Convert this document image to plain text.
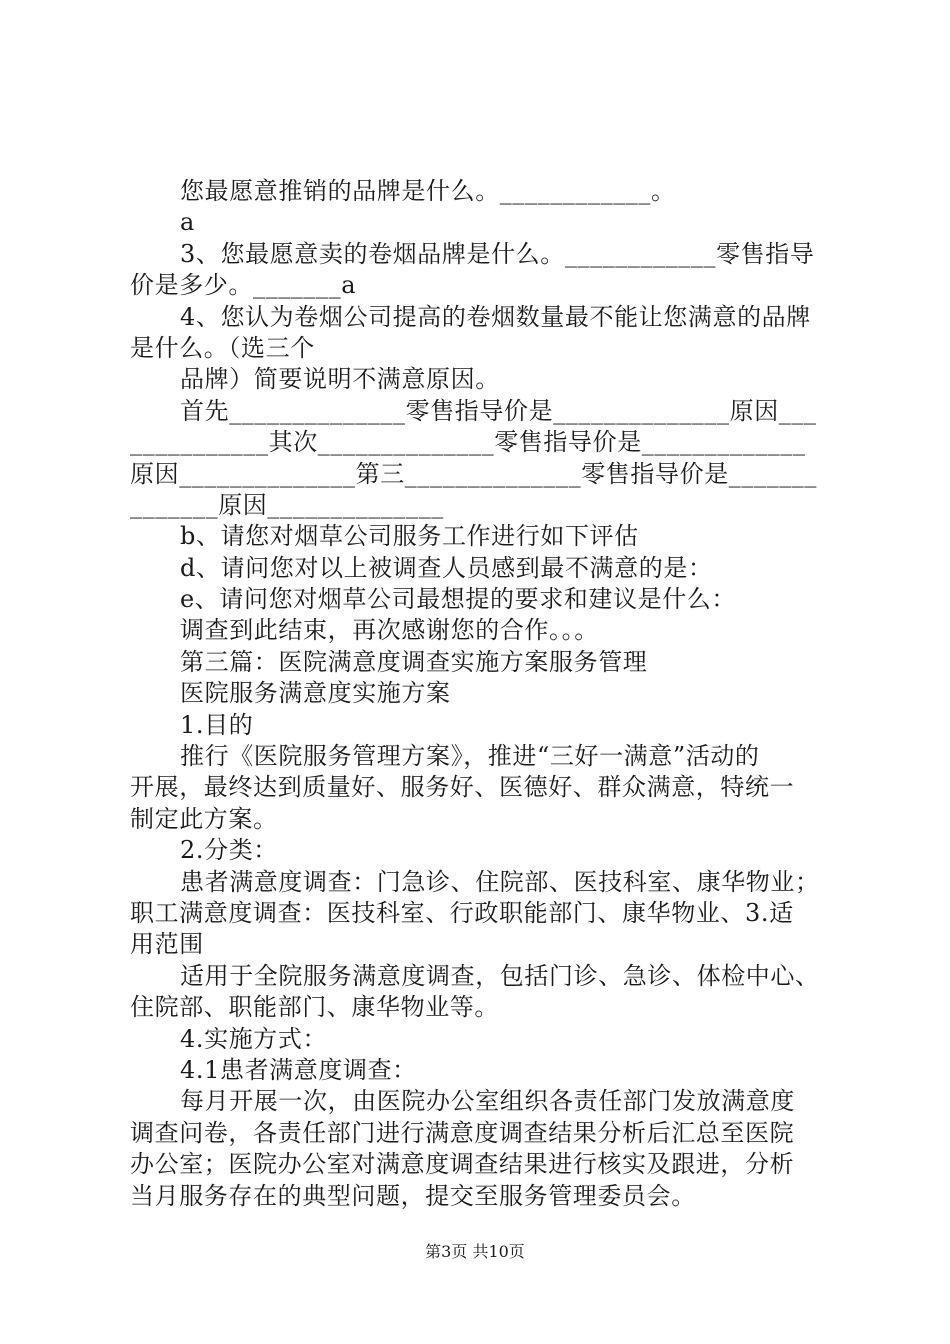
您最愿意推销的品牌是什么。____________。
a
3、您最愿意卖的卷烟品牌是什么。____________零售指导
价是多少。_______a
4、您认为卷烟公司提高的卷烟数量最不能让您满意的品牌
是什么。（选三个
品牌）简要说明不满意原因。
首先______________零售指导价是______________原因___
___________其次______________零售指导价是_____________
原因______________第三______________零售指导价是_______
_______原因______________
b、请您对烟草公司服务工作进行如下评估
d、请问您对以上被调查人员感到最不满意的是：
e、请问您对烟草公司最想提的要求和建议是什么：
调查到此结束，再次感谢您的合作。。。
第三篇：医院满意度调查实施方案服务管理
医院服务满意度实施方案
1.目的
推行《医院服务管理方案》，推进“三好一满意”活动的
开展，最终达到质量好、服务好、医德好、群众满意，特统一
制定此方案。
2.分类：
患者满意度调查：门急诊、住院部、医技科室、康华物业；
职工满意度调查：医技科室、行政职能部门、康华物业、3.适
用范围
适用于全院服务满意度调查，包括门诊、急诊、体检中心、
住院部、职能部门、康华物业等。
4.实施方式：
4.1患者满意度调查：
每月开展一次，由医院办公室组织各责任部门发放满意度
调查问卷，各责任部门进行满意度调查结果分析后汇总至医院
办公室；医院办公室对满意度调查结果进行核实及跟进，分析
当月服务存在的典型问题，提交至服务管理委员会。
第3页 共10页
